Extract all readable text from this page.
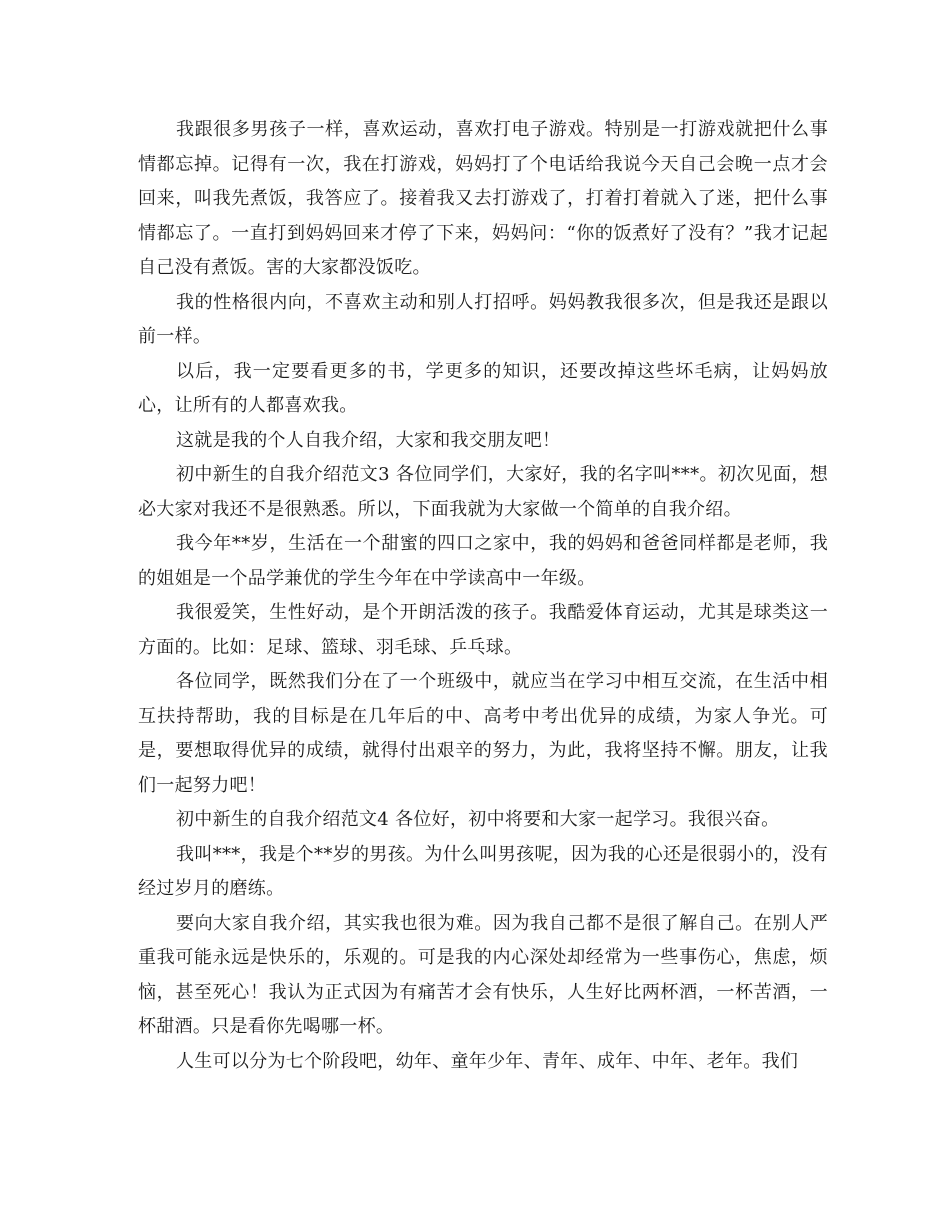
我跟很多男孩子一样，喜欢运动，喜欢打电子游戏。特别是一打游戏就把什么事情都忘掉。记得有一次，我在打游戏，妈妈打了个电话给我说今天自己会晚一点才会回来，叫我先煮饭，我答应了。接着我又去打游戏了，打着打着就入了迷，把什么事情都忘了。一直打到妈妈回来才停了下来，妈妈问：“你的饭煮好了没有？”我才记起自己没有煮饭。害的大家都没饭吃。

我的性格很内向，不喜欢主动和别人打招呼。妈妈教我很多次，但是我还是跟以前一样。

以后，我一定要看更多的书，学更多的知识，还要改掉这些坏毛病，让妈妈放心，让所有的人都喜欢我。

这就是我的个人自我介绍，大家和我交朋友吧！

初中新生的自我介绍范文3 各位同学们，大家好，我的名字叫***。初次见面，想必大家对我还不是很熟悉。所以，下面我就为大家做一个简单的自我介绍。

我今年**岁，生活在一个甜蜜的四口之家中，我的妈妈和爸爸同样都是老师，我的姐姐是一个品学兼优的学生今年在中学读高中一年级。

我很爱笑，生性好动，是个开朗活泼的孩子。我酷爱体育运动，尤其是球类这一方面的。比如：足球、篮球、羽毛球、乒乓球。

各位同学，既然我们分在了一个班级中，就应当在学习中相互交流，在生活中相互扶持帮助，我的目标是在几年后的中、高考中考出优异的成绩，为家人争光。可是，要想取得优异的成绩，就得付出艰辛的努力，为此，我将坚持不懈。朋友，让我们一起努力吧！

初中新生的自我介绍范文4 各位好，初中将要和大家一起学习。我很兴奋。

我叫***，我是个**岁的男孩。为什么叫男孩呢，因为我的心还是很弱小的，没有经过岁月的磨练。

要向大家自我介绍，其实我也很为难。因为我自己都不是很了解自己。在别人严重我可能永远是快乐的，乐观的。可是我的内心深处却经常为一些事伤心，焦虑，烦恼，甚至死心！我认为正式因为有痛苦才会有快乐，人生好比两杯酒，一杯苦酒，一杯甜酒。只是看你先喝哪一杯。

人生可以分为七个阶段吧，幼年、童年少年、青年、成年、中年、老年。我们
